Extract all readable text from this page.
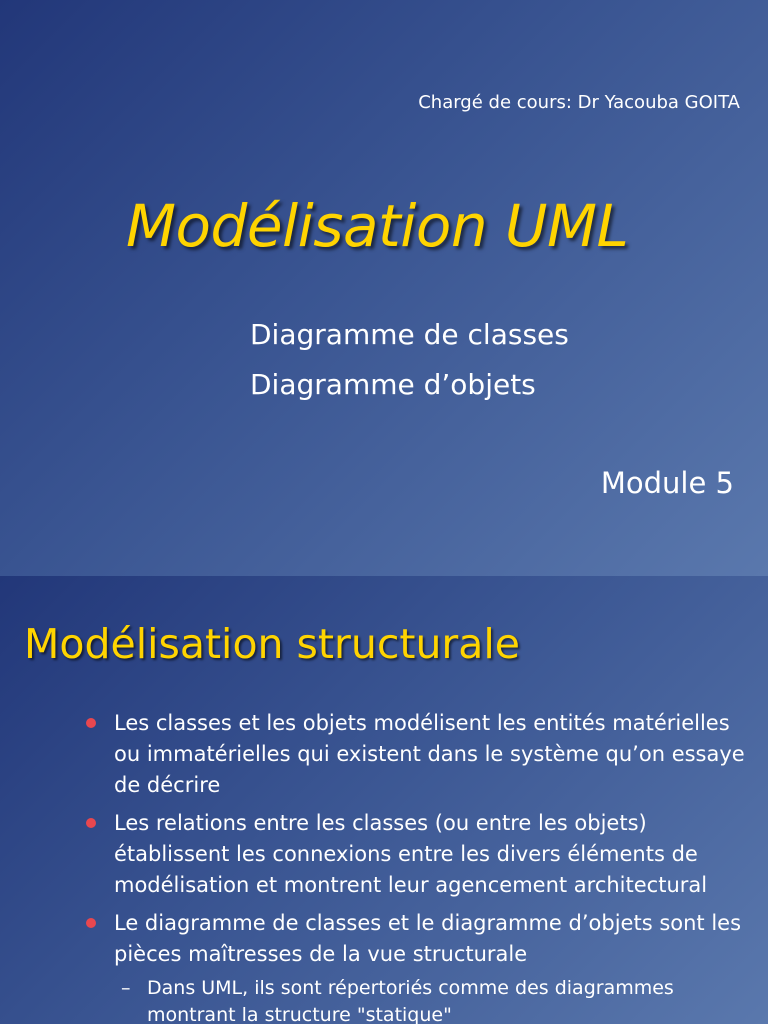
Chargé de cours: Dr Yacouba GOITA
Modélisation UML
Diagramme de classes
Diagramme d’objets
Module 5
Modélisation structurale
Les classes et les objets modélisent les entités matérielles ou immatérielles qui existent dans le système qu’on essaye de décrire
Les relations entre les classes (ou entre les objets) établissent les connexions entre les divers éléments de modélisation et montrent leur agencement architectural
Le diagramme de classes et le diagramme d’objets sont les pièces maîtresses de la vue structurale
– Dans UML, ils sont répertoriés comme des diagrammes montrant la structure "statique"
